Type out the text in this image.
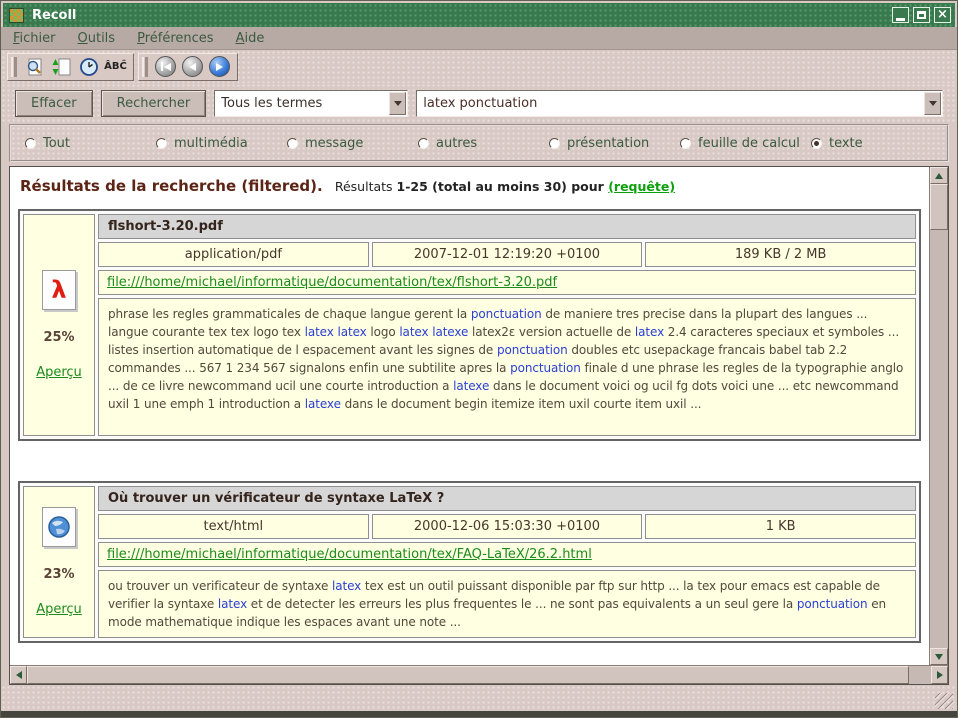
Recoll	×
Fichier Outils Préférences Aide
ÂBĈ
Effacer	Rechercher	Tous les termes
latex ponctuation
Tout	multimédia	message	autres	présentation	feuille de calcul texte
Résultats de la recherche (filtered). Résultats 1-25 (total au moins 30) pour (requête)
λ
25%
Aperçu
flshort-3.20.pdf
application/pdf	2007-12-01 12:19:20 +0100	189 KB / 2 MB
file:///home/michael/informatique/documentation/tex/flshort-3.20.pdf
phrase les regles grammaticales de chaque langue gerent la ponctuation de maniere tres precise dans la plupart des langues ... langue courante tex tex logo tex latex latex logo latex latexe latex2ε version actuelle de latex 2.4 caracteres speciaux et symboles ... listes insertion automatique de l espacement avant les signes de ponctuation doubles etc usepackage francais babel tab 2.2 commandes ... 567 1 234 567 signalons enfin une subtilite apres la ponctuation finale d une phrase les regles de la typographie anglo ... de ce livre newcommand ucil une courte introduction a latexe dans le document voici og ucil fg dots voici une ... etc newcommand uxil 1 une emph 1 introduction a latexe dans le document begin itemize item uxil courte item uxil ...
23%
Aperçu
Où trouver un vérificateur de syntaxe LaTeX ?
text/html	2000-12-06 15:03:30 +0100	1 KB
file:///home/michael/informatique/documentation/tex/FAQ-LaTeX/26.2.html
ou trouver un verificateur de syntaxe latex tex est un outil puissant disponible par ftp sur http ... la tex pour emacs est capable de verifier la syntaxe latex et de detecter les erreurs les plus frequentes le ... ne sont pas equivalents a un seul gere la ponctuation en mode mathematique indique les espaces avant une note ...
